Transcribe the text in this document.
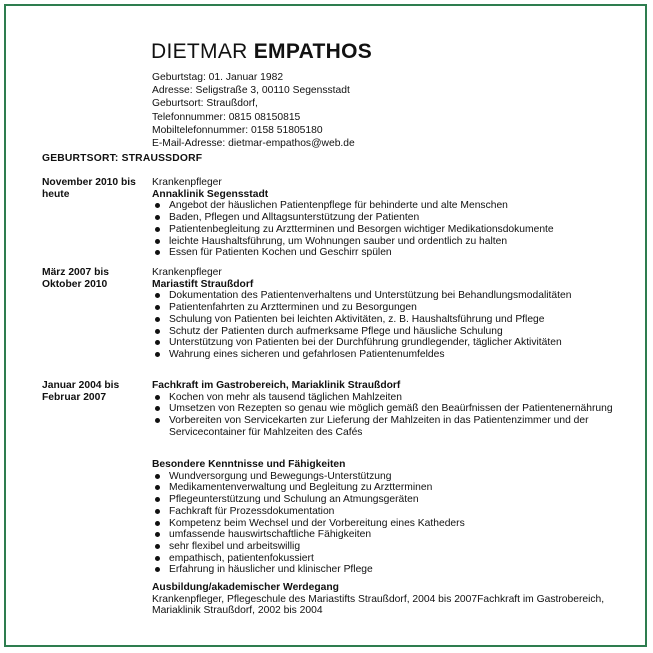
DIETMAR EMPATHOS
Geburtstag: 01. Januar 1982
Adresse: Seligstraße 3, 00110 Segensstadt
Geburtsort: Straußdorf,
Telefonnummer: 0815 08150815
Mobiltelefonnummer: 0158 51805180
E-Mail-Adresse: dietmar-empathos@web.de
GEBURTSORT: STRAUSSDORF
November 2010 bis heute
Krankenpfleger
Annaklinik Segensstadt
Angebot der häuslichen Patientenpflege für behinderte und alte Menschen
Baden, Pflegen und Alltagsunterstützung der Patienten
Patientenbegleitung zu Arztterminen und Besorgen wichtiger Medikationsdokumente
leichte Haushaltsführung, um Wohnungen sauber und ordentlich zu halten
Essen für Patienten Kochen und Geschirr spülen
März 2007 bis Oktober 2010
Krankenpfleger
Mariastift Straußdorf
Dokumentation des Patientenverhaltens und Unterstützung bei Behandlungsmodalitäten
Patientenfahrten zu Arztterminen und zu Besorgungen
Schulung von Patienten bei leichten Aktivitäten, z. B. Haushaltsführung und Pflege
Schutz der Patienten durch aufmerksame Pflege und häusliche Schulung
Unterstützung von Patienten bei der Durchführung grundlegender, täglicher Aktivitäten
Wahrung eines sicheren und gefahrlosen Patientenumfeldes
Januar 2004 bis Februar 2007
Fachkraft im Gastrobereich, Mariaklinik Straußdorf
Kochen von mehr als tausend täglichen Mahlzeiten
Umsetzen von Rezepten so genau wie möglich gemäß den Beaürfnissen der Patientenernährung
Vorbereiten von Servicekarten zur Lieferung der Mahlzeiten in das Patientenzimmer und der Servicecontainer für Mahlzeiten des Cafés
Besondere Kenntnisse und Fähigkeiten
Wundversorgung und Bewegungs-Unterstützung
Medikamentenverwaltung und Begleitung zu Arztterminen
Pflegeunterstützung und Schulung an Atmungsgeräten
Fachkraft für Prozessdokumentation
Kompetenz beim Wechsel und der Vorbereitung eines Katheders
umfassende hauswirtschaftliche Fähigkeiten
sehr flexibel und arbeitswillig
empathisch, patientenfokussiert
Erfahrung in häuslicher und klinischer Pflege
Ausbildung/akademischer Werdegang
Krankenpfleger, Pflegeschule des Mariastifts Straußdorf, 2004 bis 2007Fachkraft im Gastrobereich, Mariaklinik Straußdorf, 2002 bis 2004
